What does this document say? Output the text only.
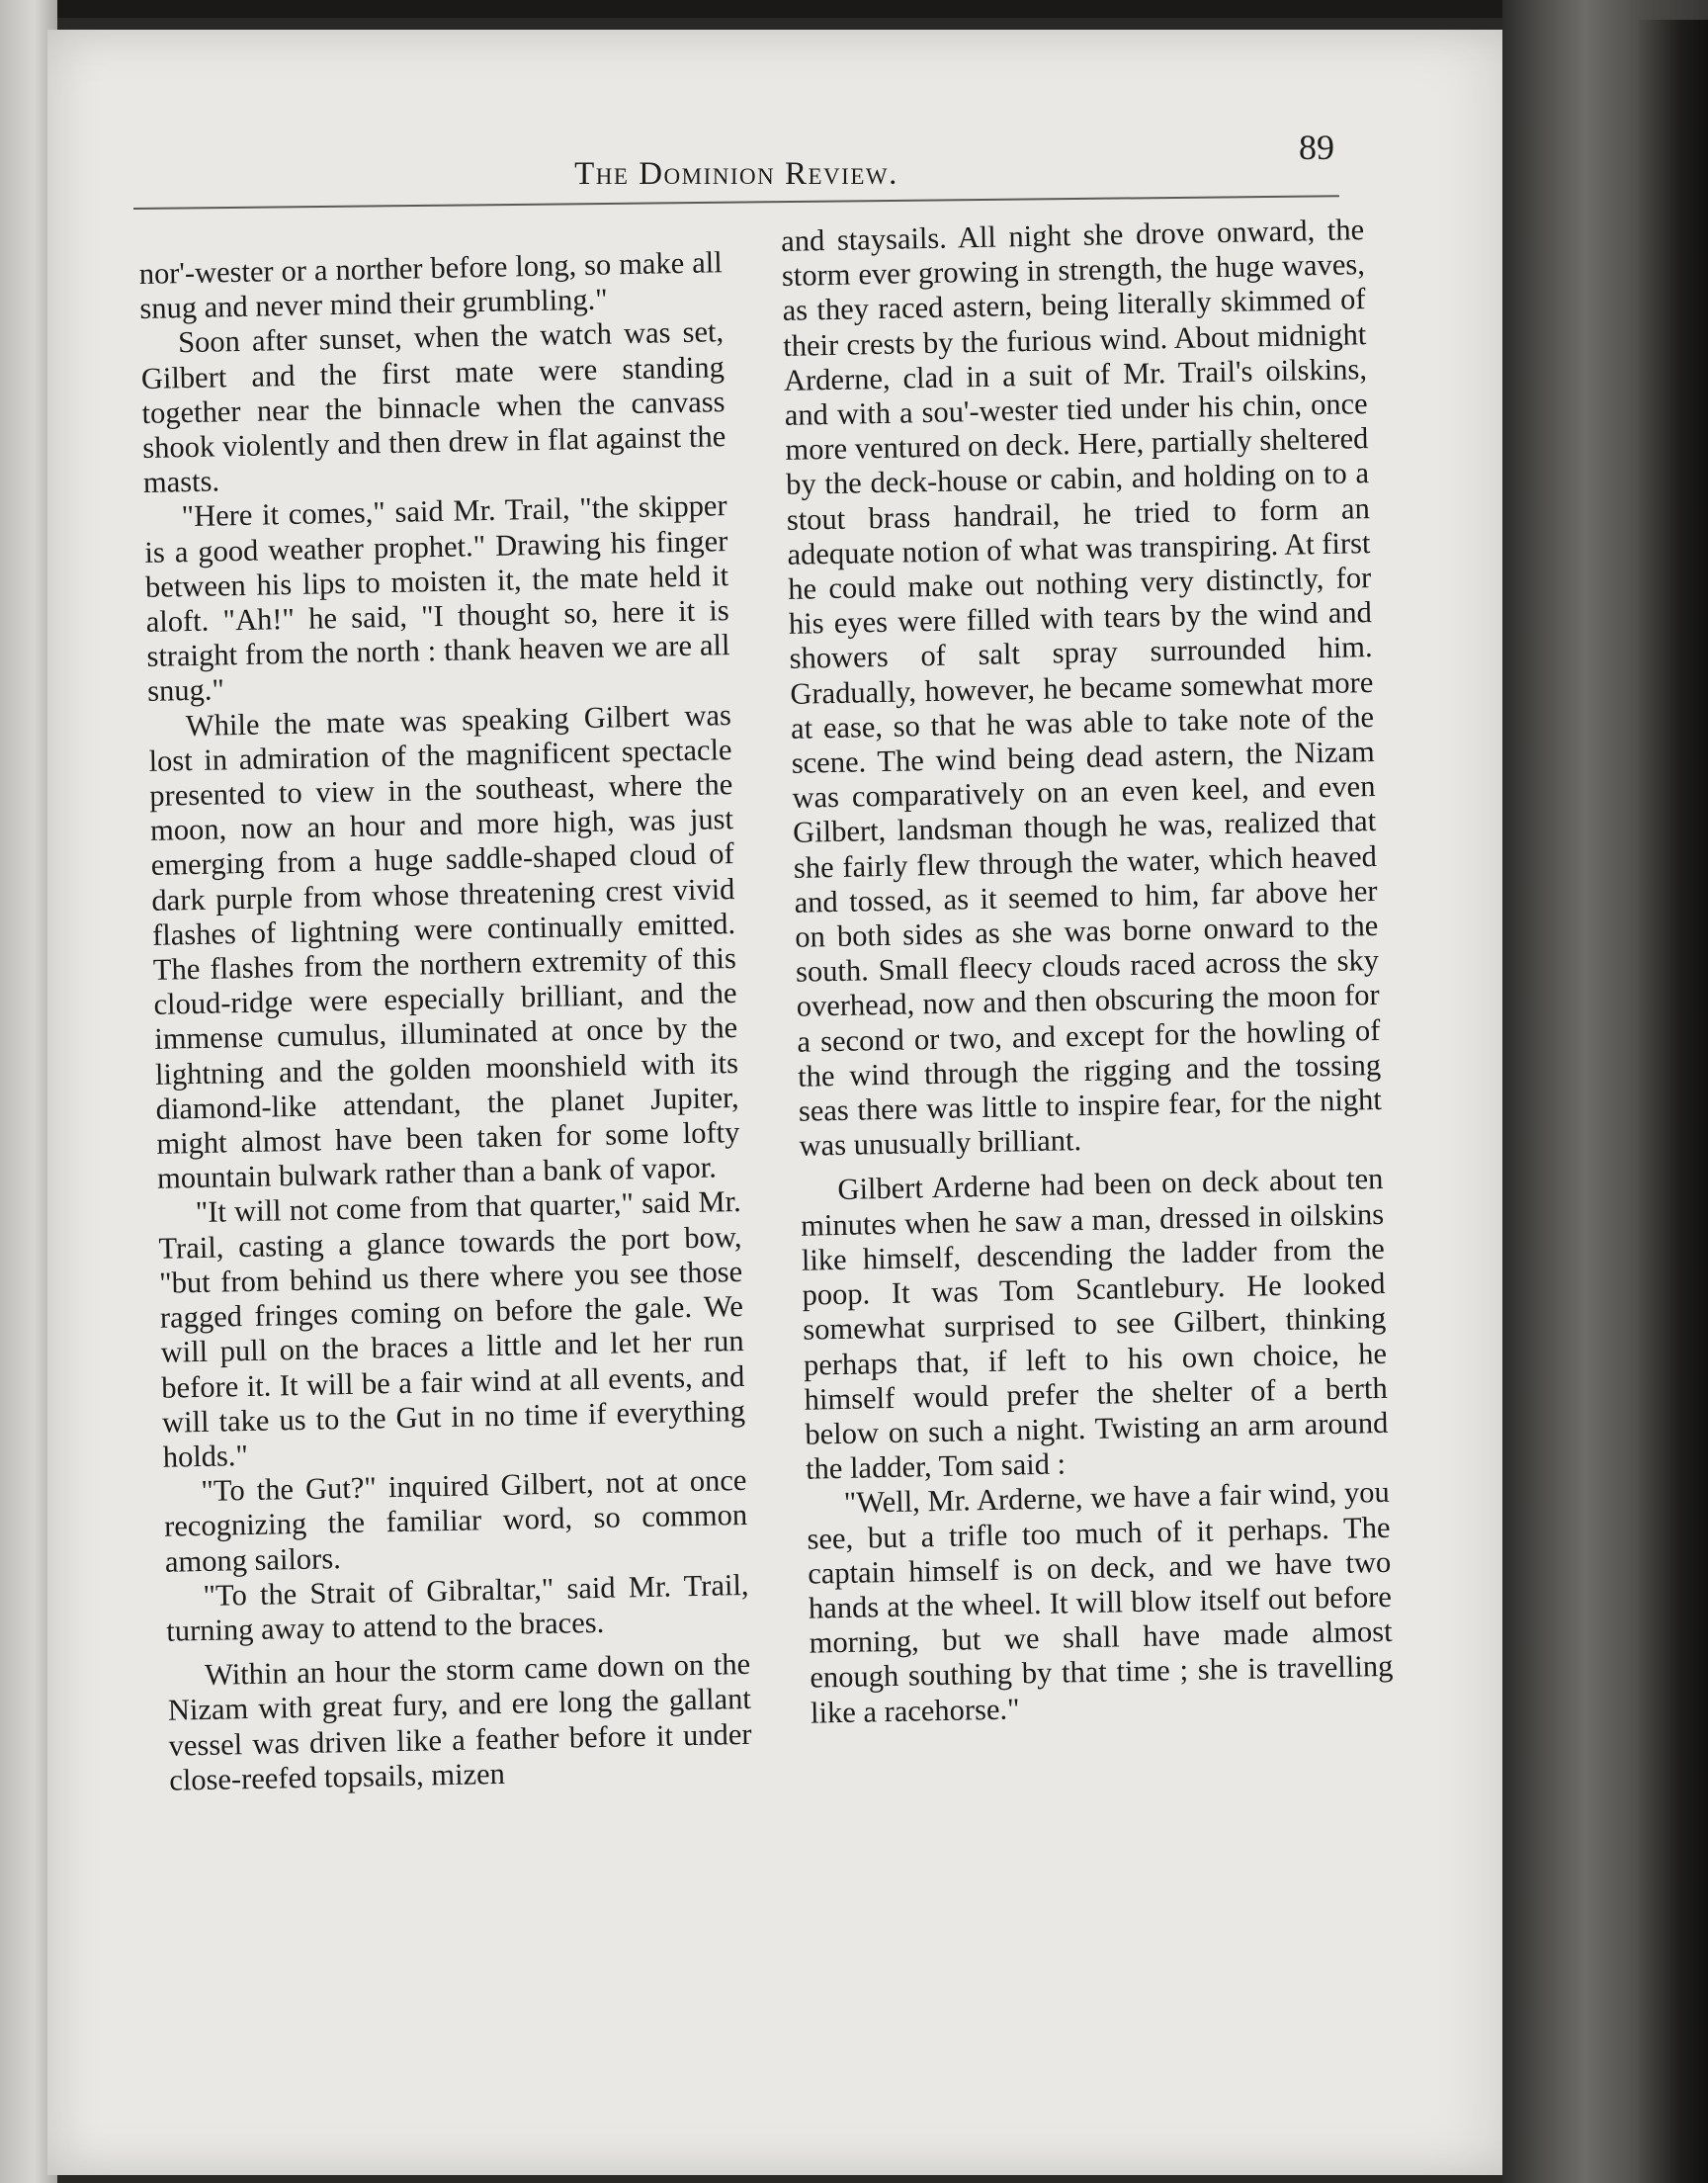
The Dominion Review.
89

nor'-wester or a norther before long, so make all snug and never mind their grumbling."

Soon after sunset, when the watch was set, Gilbert and the first mate were standing together near the binnacle when the canvass shook violently and then drew in flat against the masts.

"Here it comes," said Mr. Trail, "the skipper is a good weather prophet." Drawing his finger between his lips to moisten it, the mate held it aloft. "Ah!" he said, "I thought so, here it is straight from the north : thank heaven we are all snug."

While the mate was speaking Gilbert was lost in admiration of the magnificent spectacle presented to view in the southeast, where the moon, now an hour and more high, was just emerging from a huge saddle-shaped cloud of dark purple from whose threatening crest vivid flashes of lightning were continually emitted. The flashes from the northern extremity of this cloud-ridge were especially brilliant, and the immense cumulus, illuminated at once by the lightning and the golden moonshield with its diamond-like attendant, the planet Jupiter, might almost have been taken for some lofty mountain bulwark rather than a bank of vapor.

"It will not come from that quarter," said Mr. Trail, casting a glance towards the port bow, "but from behind us there where you see those ragged fringes coming on before the gale. We will pull on the braces a little and let her run before it. It will be a fair wind at all events, and will take us to the Gut in no time if everything holds."

"To the Gut?" inquired Gilbert, not at once recognizing the familiar word, so common among sailors.

"To the Strait of Gibraltar," said Mr. Trail, turning away to attend to the braces.

Within an hour the storm came down on the Nizam with great fury, and ere long the gallant vessel was driven like a feather before it under close-reefed topsails, mizen

and staysails. All night she drove onward, the storm ever growing in strength, the huge waves, as they raced astern, being literally skimmed of their crests by the furious wind. About midnight Arderne, clad in a suit of Mr. Trail's oilskins, and with a sou'-wester tied under his chin, once more ventured on deck. Here, partially sheltered by the deck-house or cabin, and holding on to a stout brass handrail, he tried to form an adequate notion of what was transpiring. At first he could make out nothing very distinctly, for his eyes were filled with tears by the wind and showers of salt spray surrounded him. Gradually, however, he became somewhat more at ease, so that he was able to take note of the scene. The wind being dead astern, the Nizam was comparatively on an even keel, and even Gilbert, landsman though he was, realized that she fairly flew through the water, which heaved and tossed, as it seemed to him, far above her on both sides as she was borne onward to the south. Small fleecy clouds raced across the sky overhead, now and then obscuring the moon for a second or two, and except for the howling of the wind through the rigging and the tossing seas there was little to inspire fear, for the night was unusually brilliant.

Gilbert Arderne had been on deck about ten minutes when he saw a man, dressed in oilskins like himself, descending the ladder from the poop. It was Tom Scantlebury. He looked somewhat surprised to see Gilbert, thinking perhaps that, if left to his own choice, he himself would prefer the shelter of a berth below on such a night. Twisting an arm around the ladder, Tom said :

"Well, Mr. Arderne, we have a fair wind, you see, but a trifle too much of it perhaps. The captain himself is on deck, and we have two hands at the wheel. It will blow itself out before morning, but we shall have made almost enough southing by that time ; she is travelling like a racehorse."
